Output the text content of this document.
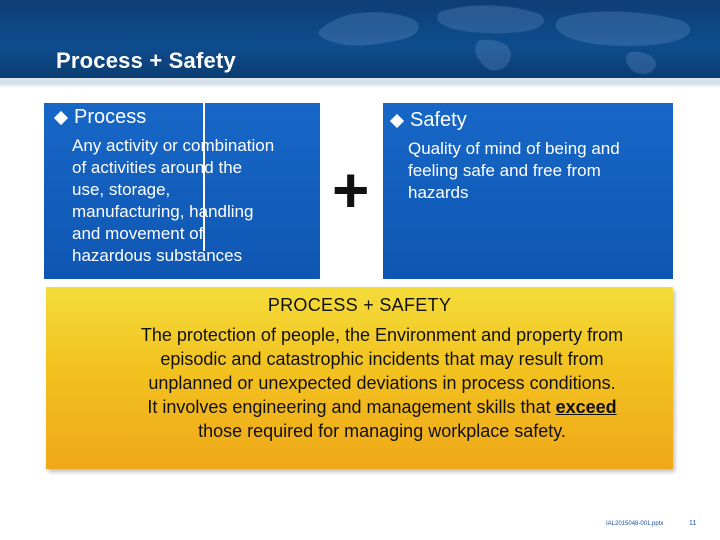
Process + Safety
Process
Any activity or combination
of activities around the
use, storage,
manufacturing, handling
and movement of
hazardous substances
+
Safety
Quality of mind of being and
feeling safe and free from
hazards
PROCESS + SAFETY
The protection of people, the Environment and property from
episodic and catastrophic incidents that may result from
unplanned or unexpected deviations in process conditions.
It involves engineering and management skills that exceed
those required for managing workplace safety.
IAL2015048-001.pptx	11
